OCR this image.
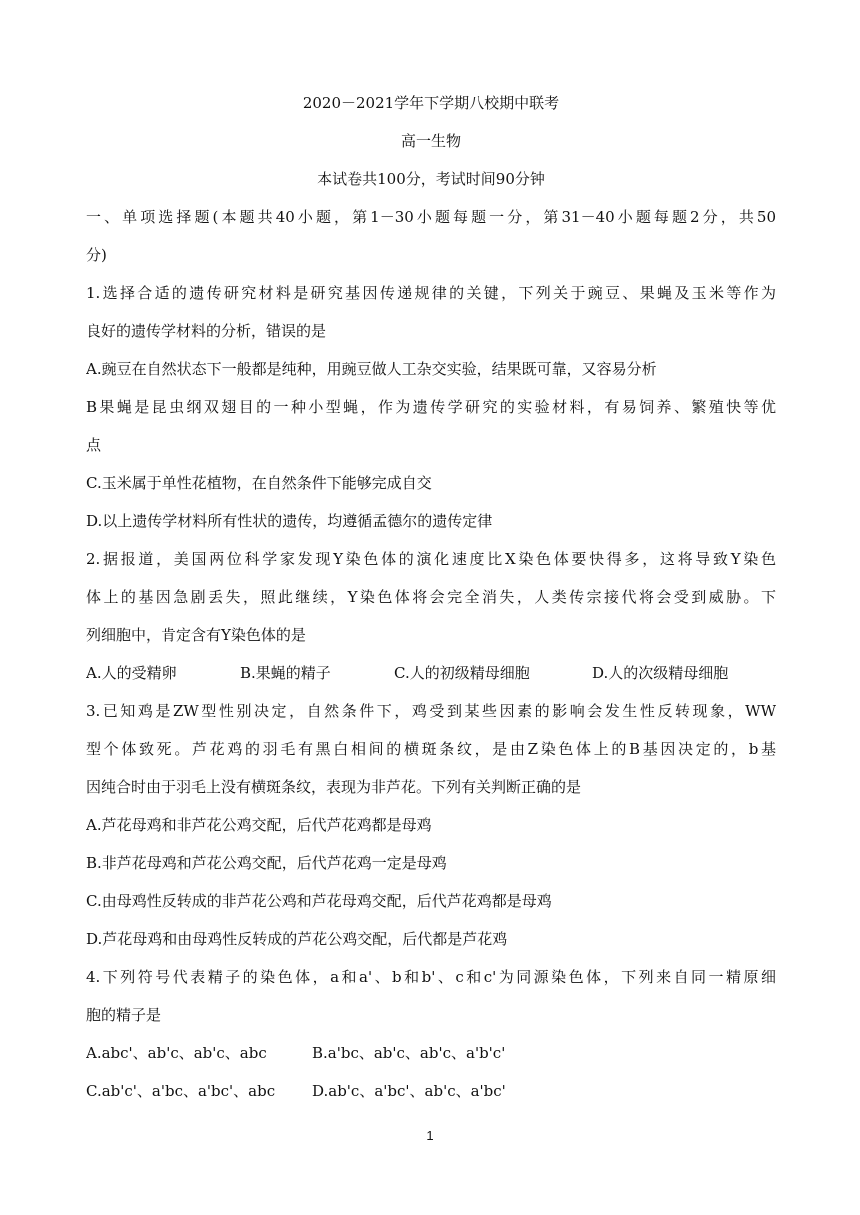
2020－2021学年下学期八校期中联考
高一生物
本试卷共100分，考试时间90分钟
一、单项选择题(本题共40小题，第1－30小题每题一分，第31－40小题每题2分，共50
分)
1.选择合适的遗传研究材料是研究基因传递规律的关键，下列关于豌豆、果蝇及玉米等作为
良好的遗传学材料的分析，错误的是
A.豌豆在自然状态下一般都是纯种，用豌豆做人工杂交实验，结果既可靠，又容易分析
B果蝇是昆虫纲双翅目的一种小型蝇，作为遗传学研究的实验材料，有易饲养、繁殖快等优
点
C.玉米属于单性花植物，在自然条件下能够完成自交
D.以上遗传学材料所有性状的遗传，均遵循孟德尔的遗传定律
2.据报道，美国两位科学家发现Y染色体的演化速度比X染色体要快得多，这将导致Y染色
体上的基因急剧丢失，照此继续，Y染色体将会完全消失，人类传宗接代将会受到威胁。下
列细胞中，肯定含有Y染色体的是
A.人的受精卵	B.果蝇的精子	C.人的初级精母细胞	D.人的次级精母细胞
3.已知鸡是ZW型性别决定，自然条件下，鸡受到某些因素的影响会发生性反转现象，WW
型个体致死。芦花鸡的羽毛有黑白相间的横斑条纹，是由Z染色体上的B基因决定的，b基
因纯合时由于羽毛上没有横斑条纹，表现为非芦花。下列有关判断正确的是
A.芦花母鸡和非芦花公鸡交配，后代芦花鸡都是母鸡
B.非芦花母鸡和芦花公鸡交配，后代芦花鸡一定是母鸡
C.由母鸡性反转成的非芦花公鸡和芦花母鸡交配，后代芦花鸡都是母鸡
D.芦花母鸡和由母鸡性反转成的芦花公鸡交配，后代都是芦花鸡
4.下列符号代表精子的染色体，a和a'、b和b'、c和c'为同源染色体，下列来自同一精原细
胞的精子是
A.abc'、ab'c、ab'c、abc	B.a'bc、ab'c、ab'c、a'b'c'
C.ab'c'、a'bc、a'bc'、abc	D.ab'c、a'bc'、ab'c、a'bc'
1
